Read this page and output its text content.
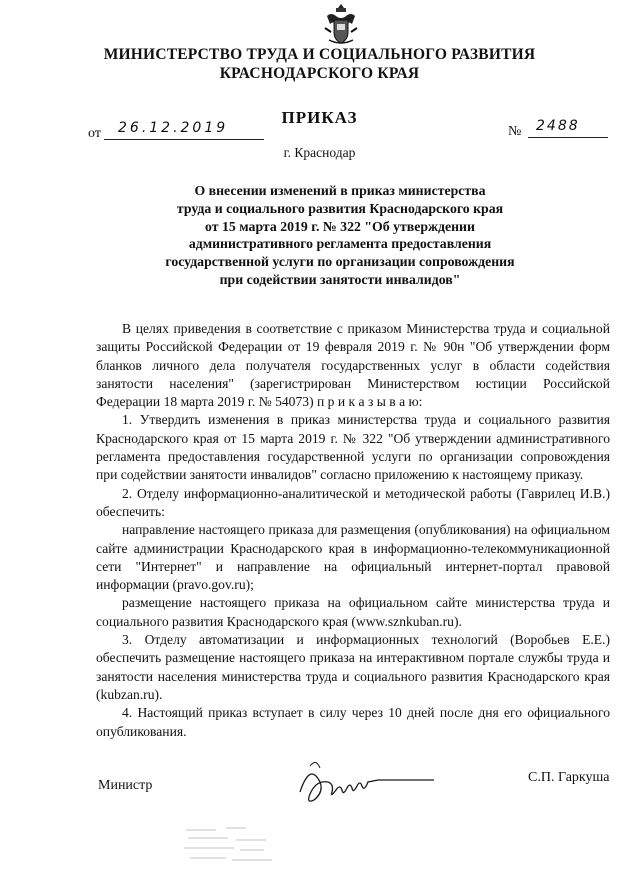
МИНИСТЕРСТВО ТРУДА И СОЦИАЛЬНОГО РАЗВИТИЯ
КРАСНОДАРСКОГО КРАЯ
ПРИКАЗ
от	26.12.2019	№	2488
г. Краснодар
О внесении изменений в приказ министерства
труда и социального развития Краснодарского края
от 15 марта 2019 г. № 322 "Об утверждении
административного регламента предоставления
государственной услуги по организации сопровождения
при содействии занятости инвалидов"

В целях приведения в соответствие с приказом Министерства труда и социальной защиты Российской Федерации от 19 февраля 2019 г. № 90н "Об утверждении форм бланков личного дела получателя государственных услуг в области содействия занятости населения" (зарегистрирован Министерством юстиции Российской Федерации 18 марта 2019 г. № 54073) п р и к а з ы в а ю:

1. Утвердить изменения в приказ министерства труда и социального развития Краснодарского края от 15 марта 2019 г. № 322 "Об утверждении административного регламента предоставления государственной услуги по организации сопровождения при содействии занятости инвалидов" согласно приложению к настоящему приказу.

2. Отделу информационно-аналитической и методической работы (Гаврилец И.В.) обеспечить:

направление настоящего приказа для размещения (опубликования) на официальном сайте администрации Краснодарского края в информационно-телекоммуникационной сети "Интернет" и направление на официальный интернет-портал правовой информации (pravo.gov.ru);

размещение настоящего приказа на официальном сайте министерства труда и социального развития Краснодарского края (www.sznkuban.ru).

3. Отделу автоматизации и информационных технологий (Воробьев Е.Е.) обеспечить размещение настоящего приказа на интерактивном портале службы труда и занятости населения министерства труда и социального развития Краснодарского края (kubzan.ru).

4. Настоящий приказ вступает в силу через 10 дней после дня его официального опубликования.

Министр
С.П. Гаркуша
